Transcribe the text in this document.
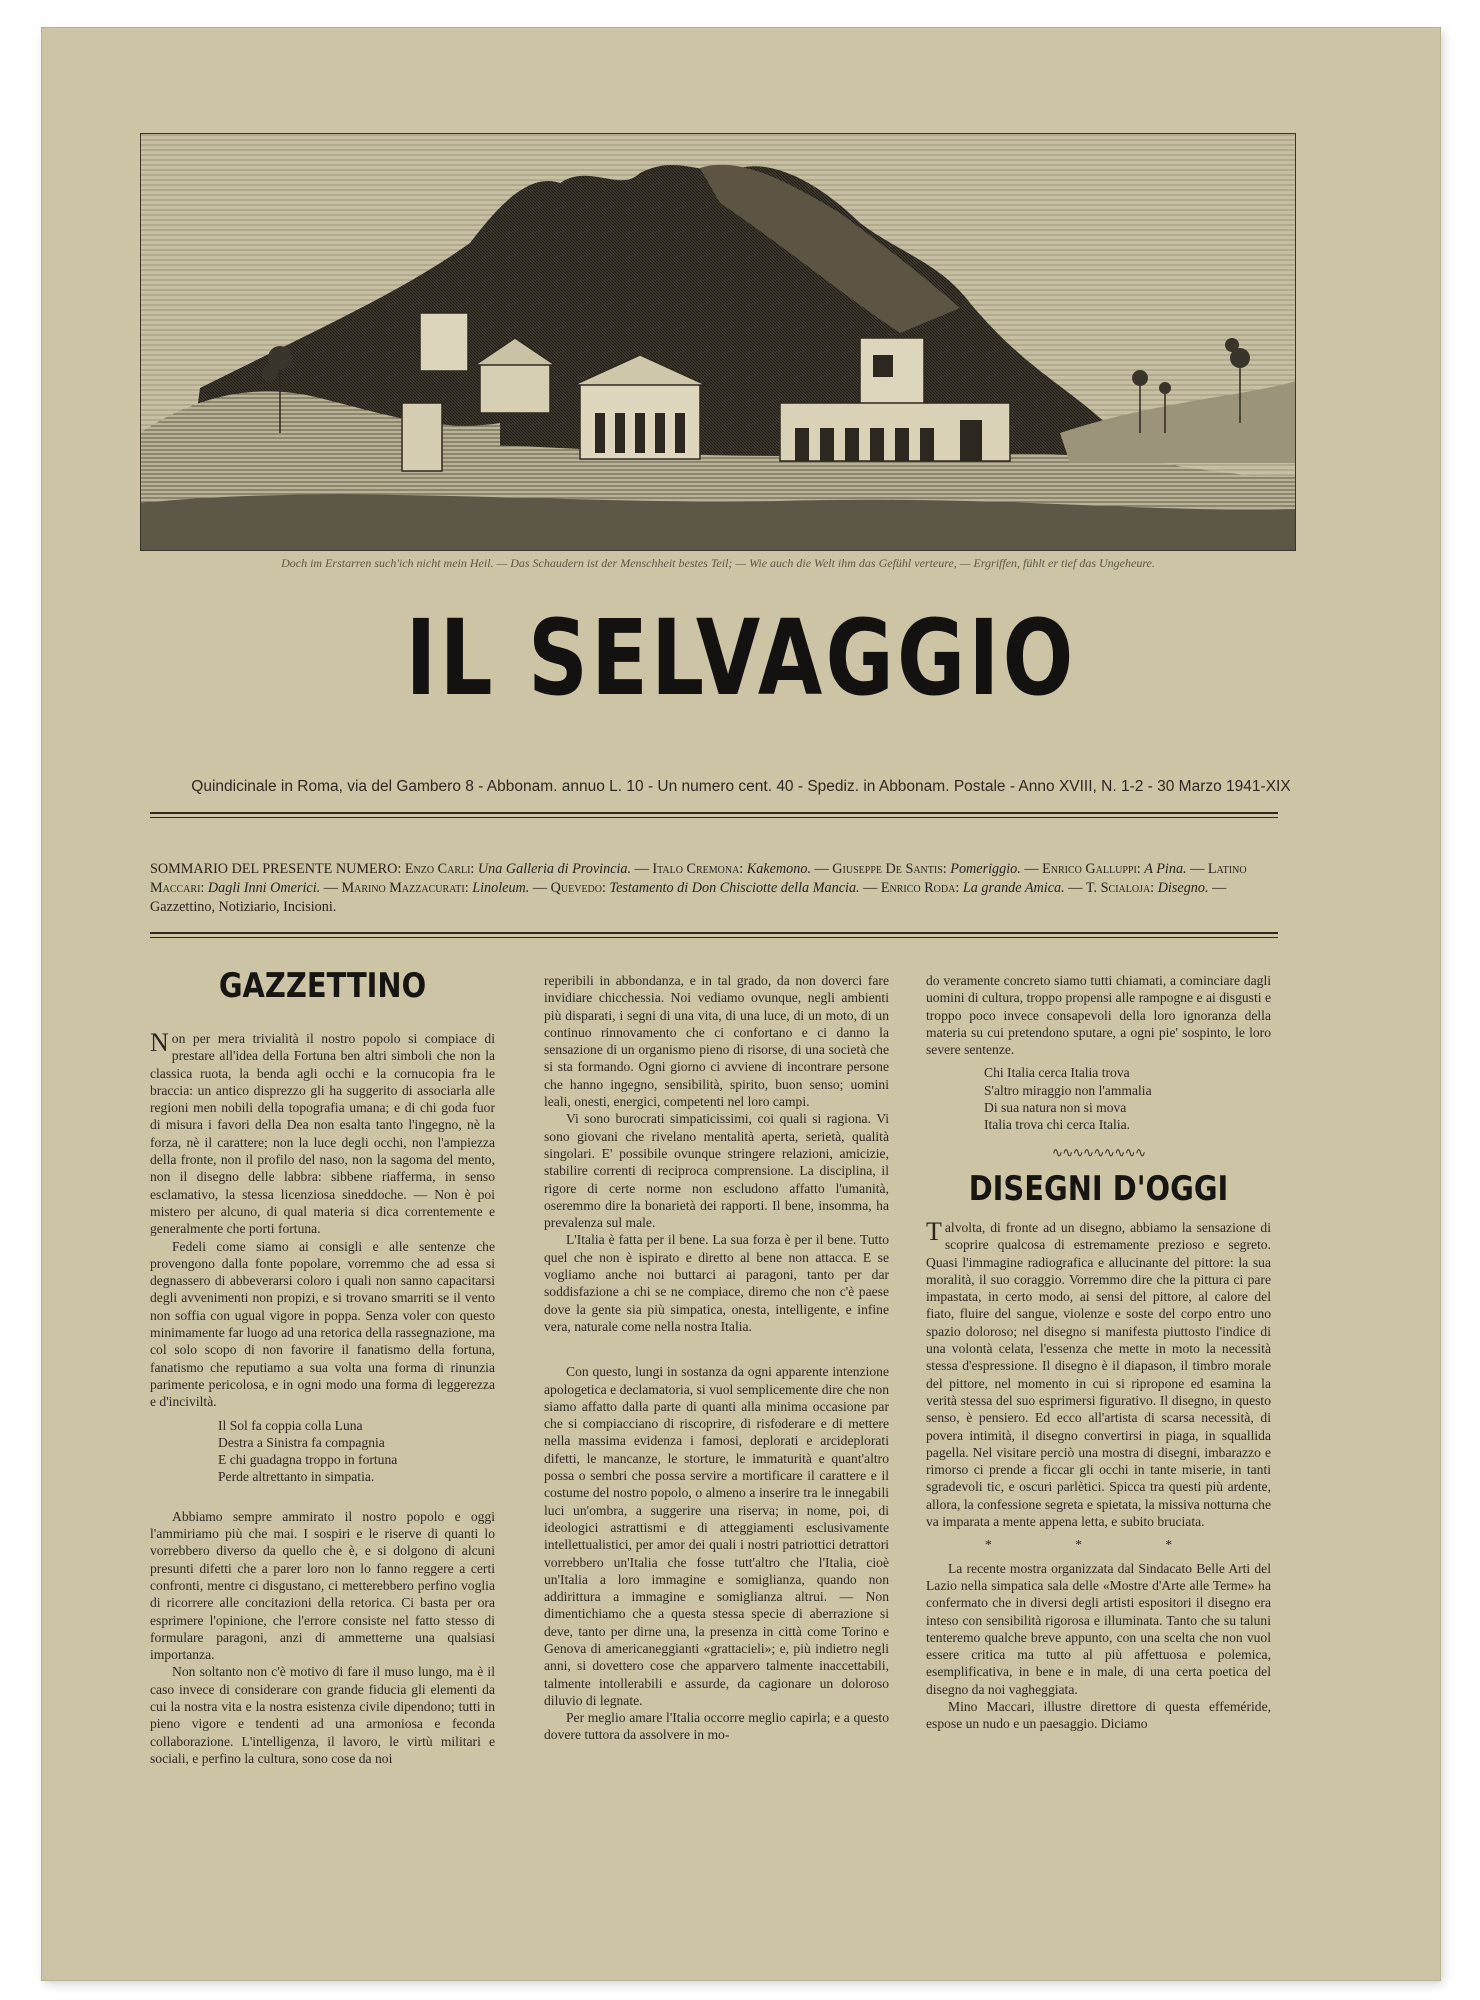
Doch im Erstarren such'ich nicht mein Heil. — Das Schaudern ist der Menschheit bestes Teil; — Wie auch die Welt ihm das Gefühl verteure, — Ergriffen, fühlt er tief das Ungeheure.
IL SELVAGGIO
Quindicinale in Roma, via del Gambero 8 - Abbonam. annuo L. 10 - Un numero cent. 40 - Spediz. in Abbonam. Postale - Anno XVIII, N. 1-2 - 30 Marzo 1941-XIX
SOMMARIO DEL PRESENTE NUMERO: Enzo Carli: Una Galleria di Provincia. — Italo Cremona: Kakemono. — Giuseppe De Santis: Pomeriggio. — Enrico Galluppi: A Pina. — Latino Maccari: Dagli Inni Omerici. — Marino Mazzacurati: Linoleum. — Quevedo: Testamento di Don Chisciotte della Mancia. — Enrico Roda: La grande Amica. — T. Scialoja: Disegno. — Gazzettino, Notiziario, Incisioni.
GAZZETTINO

Non per mera trivialità il nostro popolo si compiace di prestare all'idea della Fortuna ben altri simboli che non la classica ruota, la benda agli occhi e la cornucopia fra le braccia: un antico disprezzo gli ha suggerito di associarla alle regioni men nobili della topografia umana; e di chi goda fuor di misura i favori della Dea non esalta tanto l'ingegno, nè la forza, nè il carattere; non la luce degli occhi, non l'ampiezza della fronte, non il profilo del naso, non la sagoma del mento, non il disegno delle labbra: sibbene riafferma, in senso esclamativo, la stessa licenziosa sineddoche. — Non è poi mistero per alcuno, di qual materia si dica correntemente e generalmente che porti fortuna.

Fedeli come siamo ai consigli e alle sentenze che provengono dalla fonte popolare, vorremmo che ad essa si degnassero di abbeverarsi coloro i quali non sanno capacitarsi degli avvenimenti non propizi, e si trovano smarriti se il vento non soffia con ugual vigore in poppa. Senza voler con questo minimamente far luogo ad una retorica della rassegnazione, ma col solo scopo di non favorire il fanatismo della fortuna, fanatismo che reputiamo a sua volta una forma di rinunzia parimente pericolosa, e in ogni modo una forma di leggerezza e d'inciviltà.

Il Sol fa coppia colla Luna
Destra a Sinistra fa compagnia
E chi guadagna troppo in fortuna
Perde altrettanto in simpatia.

Abbiamo sempre ammirato il nostro popolo e oggi l'ammiriamo più che mai. I sospiri e le riserve di quanti lo vorrebbero diverso da quello che è, e si dolgono di alcuni presunti difetti che a parer loro non lo fanno reggere a certi confronti, mentre ci disgustano, ci metterebbero perfino voglia di ricorrere alle concitazioni della retorica. Ci basta per ora esprimere l'opinione, che l'errore consiste nel fatto stesso di formulare paragoni, anzi di ammetterne una qualsiasi importanza.

Non soltanto non c'è motivo di fare il muso lungo, ma è il caso invece di considerare con grande fiducia gli elementi da cui la nostra vita e la nostra esistenza civile dipendono; tutti in pieno vigore e tendenti ad una armoniosa e feconda collaborazione. L'intelligenza, il lavoro, le virtù militari e sociali, e perfino la cultura, sono cose da noi

reperibili in abbondanza, e in tal grado, da non doverci fare invidiare chicchessia. Noi vediamo ovunque, negli ambienti più disparati, i segni di una vita, di una luce, di un moto, di un continuo rinnovamento che ci confortano e ci danno la sensazione di un organismo pieno di risorse, di una società che si sta formando. Ogni giorno ci avviene di incontrare persone che hanno ingegno, sensibilità, spirito, buon senso; uomini leali, onesti, energici, competenti nel loro campi.

Vi sono burocrati simpaticissimi, coi quali si ragiona. Vi sono giovani che rivelano mentalità aperta, serietà, qualità singolari. E' possibile ovunque stringere relazioni, amicizie, stabilire correnti di reciproca comprensione. La disciplina, il rigore di certe norme non escludono affatto l'umanità, oseremmo dire la bonarietà dei rapporti. Il bene, insomma, ha prevalenza sul male.

L'Italia è fatta per il bene. La sua forza è per il bene. Tutto quel che non è ispirato e diretto al bene non attacca. E se vogliamo anche noi buttarci ai paragoni, tanto per dar soddisfazione a chi se ne compiace, diremo che non c'è paese dove la gente sia più simpatica, onesta, intelligente, e infine vera, naturale come nella nostra Italia.

Con questo, lungi in sostanza da ogni apparente intenzione apologetica e declamatoria, si vuol semplicemente dire che non siamo affatto dalla parte di quanti alla minima occasione par che si compiacciano di riscoprire, di risfoderare e di mettere nella massima evidenza i famosi, deplorati e arcideplorati difetti, le mancanze, le storture, le immaturità e quant'altro possa o sembri che possa servire a mortificare il carattere e il costume del nostro popolo, o almeno a inserire tra le innegabili luci un'ombra, a suggerire una riserva; in nome, poi, di ideologici astrattismi e di atteggiamenti esclusivamente intellettualistici, per amor dei quali i nostri patriottici detrattori vorrebbero un'Italia che fosse tutt'altro che l'Italia, cioè un'Italia a loro immagine e somiglianza, quando non addirittura a immagine e somiglianza altrui. — Non dimentichiamo che a questa stessa specie di aberrazione si deve, tanto per dirne una, la presenza in città come Torino e Genova di americaneggianti «grattacieli»; e, più indietro negli anni, si dovettero cose che apparvero talmente inaccettabili, talmente intollerabili e assurde, da cagionare un doloroso diluvio di legnate.

Per meglio amare l'Italia occorre meglio capirla; e a questo dovere tuttora da assolvere in mo-

do veramente concreto siamo tutti chiamati, a cominciare dagli uomini di cultura, troppo propensi alle rampogne e ai disgusti e troppo poco invece consapevoli della loro ignoranza della materia su cui pretendono sputare, a ogni pie' sospinto, le loro severe sentenze.

Chi Italia cerca Italia trova
S'altro miraggio non l'ammalia
Di sua natura non si mova
Italia trova chi cerca Italia.
∿∿∿∿∿∿∿∿∿
DISEGNI D'OGGI

Talvolta, di fronte ad un disegno, abbiamo la sensazione di scoprire qualcosa di estremamente prezioso e segreto. Quasi l'immagine radiografica e allucinante del pittore: la sua moralità, il suo coraggio. Vorremmo dire che la pittura ci pare impastata, in certo modo, ai sensi del pittore, al calore del fiato, fluire del sangue, violenze e soste del corpo entro uno spazio doloroso; nel disegno si manifesta piuttosto l'indice di una volontà celata, l'essenza che mette in moto la necessità stessa d'espressione. Il disegno è il diapason, il timbro morale del pittore, nel momento in cui si ripropone ed esamina la verità stessa del suo esprimersi figurativo. Il disegno, in questo senso, è pensiero. Ed ecco all'artista di scarsa necessità, di povera intimità, il disegno convertirsi in piaga, in squallida pagella. Nel visitare perciò una mostra di disegni, imbarazzo e rimorso ci prende a ficcar gli occhi in tante miserie, in tanti sgradevoli tic, e oscuri parlètici. Spicca tra questi più ardente, allora, la confessione segreta e spietata, la missiva notturna che va imparata a mente appena letta, e subito bruciata.

* * *

La recente mostra organizzata dal Sindacato Belle Arti del Lazio nella simpatica sala delle «Mostre d'Arte alle Terme» ha confermato che in diversi degli artisti espositori il disegno era inteso con sensibilità rigorosa e illuminata. Tanto che su taluni tenteremo qualche breve appunto, con una scelta che non vuol essere critica ma tutto al più affettuosa e polemica, esemplificativa, in bene e in male, di una certa poetica del disegno da noi vagheggiata.

Mino Maccari, illustre direttore di questa effeméride, espose un nudo e un paesaggio. Diciamo
